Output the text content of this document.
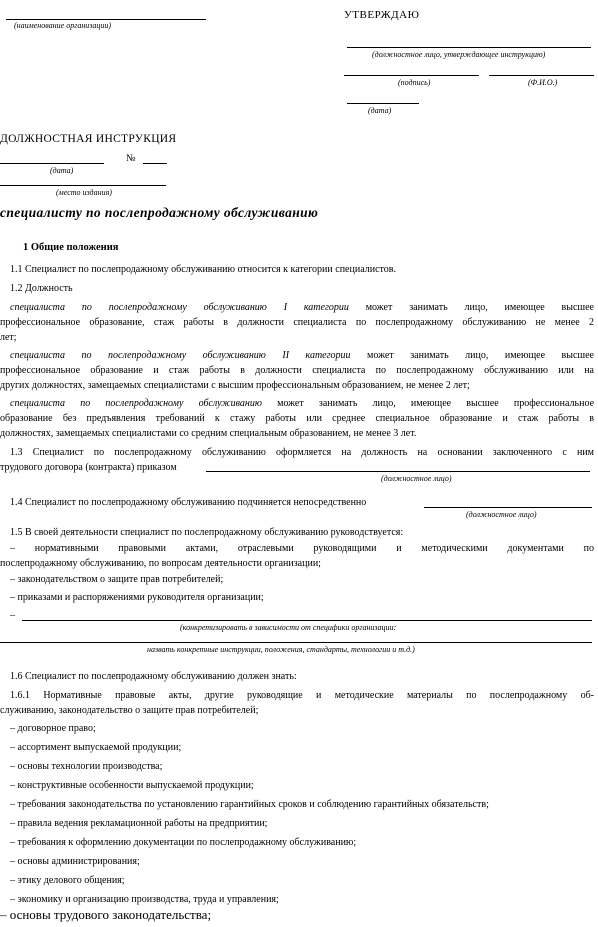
(наименование организации)
УТВЕРЖДАЮ
(должностное лицо, утверждающее инструкцию)
(подпись)	(Ф.И.О.)
(дата)
ДОЛЖНОСТНАЯ ИНСТРУКЦИЯ
№
(дата)
(место издания)
специалисту по послепродажному обслуживанию
1 Общие положения
1.1 Специалист по послепродажному обслуживанию относится к категории специалистов.
1.2 Должность
специалиста по послепродажному обслуживанию I категории может занимать лицо, имеющее высшее
профессиональное образование, стаж работы в должности специалиста по послепродажному обслуживанию не менее 2
лет;
специалиста по послепродажному обслуживанию II категории может занимать лицо, имеющее высшее
профессиональное образование и стаж работы в должности специалиста по послепродажному обслуживанию или на
других должностях, замещаемых специалистами с высшим профессиональным образованием, не менее 2 лет;
специалиста по послепродажному обслуживанию может занимать лицо, имеющее высшее профессиональное
образование без предъявления требований к стажу работы или среднее специальное образование и стаж работы в
должностях, замещаемых специалистами со средним специальным образованием, не менее 3 лет.
1.3 Специалист по послепродажному обслуживанию оформляется на должность на основании заключенного с ним
трудового договора (контракта) приказом
(должностное лицо)
1.4 Специалист по послепродажному обслуживанию подчиняется непосредственно
(должностное лицо)
1.5 В своей деятельности специалист по послепродажному обслуживанию руководствуется:
– нормативными правовыми актами, отраслевыми руководящими и методическими документами по
послепродажному обслуживанию, по вопросам деятельности организации;
– законодательством о защите прав потребителей;
– приказами и распоряжениями руководителя организации;
–
(конкретизировать в зависимости от специфики организации:
назвать конкретные инструкции, положения, стандарты, технологии и т.д.)
1.6 Специалист по послепродажному обслуживанию должен знать:
1.6.1 Нормативные правовые акты, другие руководящие и методические материалы по послепродажному об-
служиванию, законодательство о защите прав потребителей;
– договорное право;
– ассортимент выпускаемой продукции;
– основы технологии производства;
– конструктивные особенности выпускаемой продукции;
– требования законодательства по установлению гарантийных сроков и соблюдению гарантийных обязательств;
– правила ведения рекламационной работы на предприятии;
– требования к оформлению документации по послепродажному обслуживанию;
– основы администрирования;
– этику делового общения;
– экономику и организацию производства, труда и управления;
– основы трудового законодательства;
